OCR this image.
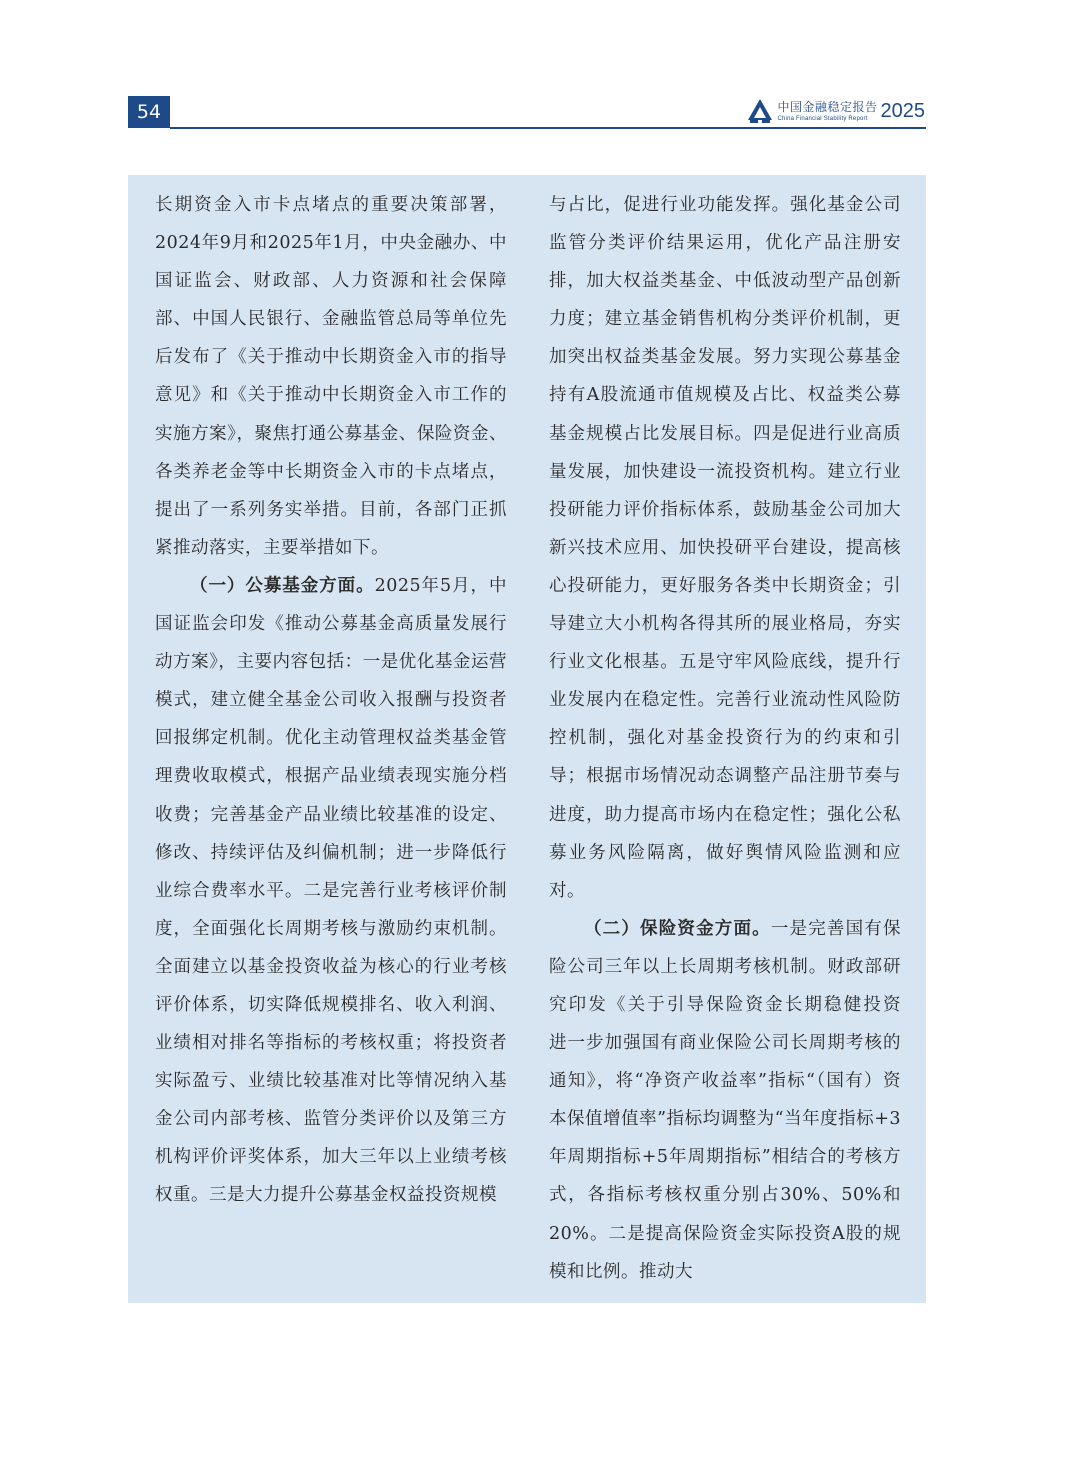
54	中国金融稳定报告
China Financial Stability Report 2025

长期资金入市卡点堵点的重要决策部署，2024年9月和2025年1月，中央金融办、中国证监会、财政部、人力资源和社会保障部、中国人民银行、金融监管总局等单位先后发布了《关于推动中长期资金入市的指导意见》和《关于推动中长期资金入市工作的实施方案》，聚焦打通公募基金、保险资金、各类养老金等中长期资金入市的卡点堵点，提出了一系列务实举措。目前，各部门正抓紧推动落实，主要举措如下。

（一）公募基金方面。2025年5月，中国证监会印发《推动公募基金高质量发展行动方案》，主要内容包括：一是优化基金运营模式，建立健全基金公司收入报酬与投资者回报绑定机制。优化主动管理权益类基金管理费收取模式，根据产品业绩表现实施分档收费；完善基金产品业绩比较基准的设定、修改、持续评估及纠偏机制；进一步降低行业综合费率水平。二是完善行业考核评价制度，全面强化长周期考核与激励约束机制。全面建立以基金投资收益为核心的行业考核评价体系，切实降低规模排名、收入利润、业绩相对排名等指标的考核权重；将投资者实际盈亏、业绩比较基准对比等情况纳入基金公司内部考核、监管分类评价以及第三方机构评价评奖体系，加大三年以上业绩考核权重。三是大力提升公募基金权益投资规模

与占比，促进行业功能发挥。强化基金公司监管分类评价结果运用，优化产品注册安排，加大权益类基金、中低波动型产品创新力度；建立基金销售机构分类评价机制，更加突出权益类基金发展。努力实现公募基金持有A股流通市值规模及占比、权益类公募基金规模占比发展目标。四是促进行业高质量发展，加快建设一流投资机构。建立行业投研能力评价指标体系，鼓励基金公司加大新兴技术应用、加快投研平台建设，提高核心投研能力，更好服务各类中长期资金；引导建立大小机构各得其所的展业格局，夯实行业文化根基。五是守牢风险底线，提升行业发展内在稳定性。完善行业流动性风险防控机制，强化对基金投资行为的约束和引导；根据市场情况动态调整产品注册节奏与进度，助力提高市场内在稳定性；强化公私募业务风险隔离，做好舆情风险监测和应对。

（二）保险资金方面。一是完善国有保险公司三年以上长周期考核机制。财政部研究印发《关于引导保险资金长期稳健投资　进一步加强国有商业保险公司长周期考核的通知》，将“净资产收益率”指标“（国有）资本保值增值率”指标均调整为“当年度指标+3年周期指标+5年周期指标”相结合的考核方式，各指标考核权重分别占30%、50%和20%。二是提高保险资金实际投资A股的规模和比例。推动大
